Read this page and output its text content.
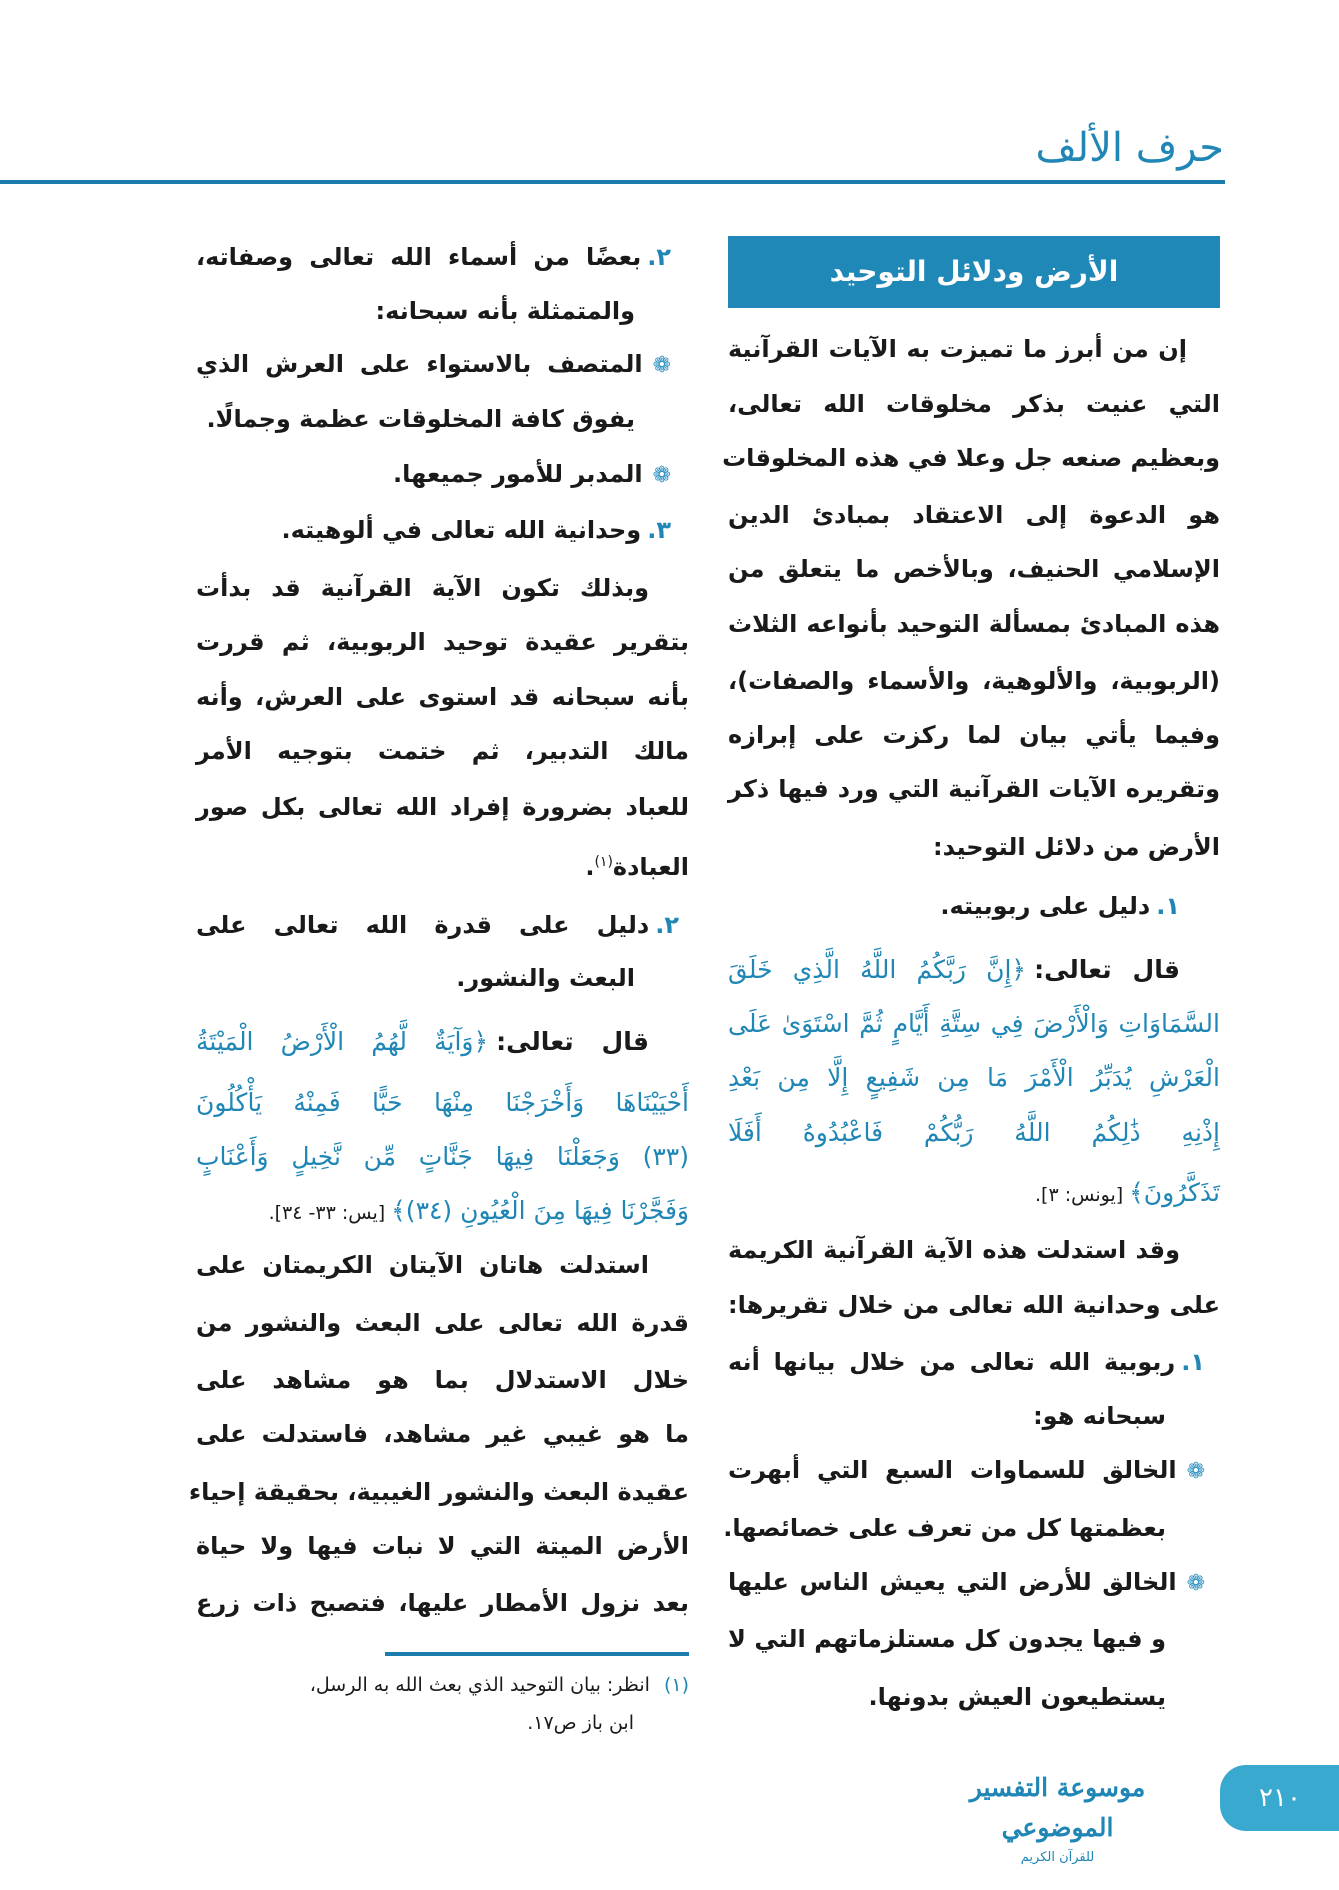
حرف الألف
الأرض ودلائل التوحيد
إن من أبرز ما تميزت به الآيات القرآنية
التي عنيت بذكر مخلوقات الله تعالى،
وبعظيم صنعه جل وعلا في هذه المخلوقات
هو الدعوة إلى الاعتقاد بمبادئ الدين
الإسلامي الحنيف، وبالأخص ما يتعلق من
هذه المبادئ بمسألة التوحيد بأنواعه الثلاث
(الربوبية، والألوهية، والأسماء والصفات)،
وفيما يأتي بيان لما ركزت على إبرازه
وتقريره الآيات القرآنية التي ورد فيها ذكر
الأرض من دلائل التوحيد:
١.دليل على ربوبيته.
قال تعالى:﴿إِنَّ رَبَّكُمُ اللَّهُ الَّذِي خَلَقَ
السَّمَاوَاتِ وَالْأَرْضَ فِي سِتَّةِ أَيَّامٍ ثُمَّ اسْتَوَىٰ عَلَى
الْعَرْشِ يُدَبِّرُ الْأَمْرَ مَا مِن شَفِيعٍ إِلَّا مِن بَعْدِ
إِذْنِهِ ذَٰلِكُمُ اللَّهُ رَبُّكُمْ فَاعْبُدُوهُ أَفَلَا
تَذَكَّرُونَ﴾[يونس: ٣].
وقد استدلت هذه الآية القرآنية الكريمة
على وحدانية الله تعالى من خلال تقريرها:
١.ربوبية الله تعالى من خلال بيانها أنه
سبحانه هو:
❁الخالق للسماوات السبع التي أبهرت
بعظمتها كل من تعرف على خصائصها.
❁الخالق للأرض التي يعيش الناس عليها
و فيها يجدون كل مستلزماتهم التي لا
يستطيعون العيش بدونها.
٢.بعضًا من أسماء الله تعالى وصفاته،
والمتمثلة بأنه سبحانه:
❁المتصف بالاستواء على العرش الذي
يفوق كافة المخلوقات عظمة وجمالًا.
❁المدبر للأمور جميعها.
٣.وحدانية الله تعالى في ألوهيته.
وبذلك تكون الآية القرآنية قد بدأت
بتقرير عقيدة توحيد الربوبية، ثم قررت
بأنه سبحانه قد استوى على العرش، وأنه
مالك التدبير، ثم ختمت بتوجيه الأمر
للعباد بضرورة إفراد الله تعالى بكل صور
العبادة$^{(١)}$.
٢.دليل على قدرة الله تعالى على
البعث والنشور.
قال تعالى:﴿وَآيَةٌ لَّهُمُ الْأَرْضُ الْمَيْتَةُ
أَحْيَيْنَاهَا وَأَخْرَجْنَا مِنْهَا حَبًّا فَمِنْهُ يَأْكُلُونَ
(٣٣) وَجَعَلْنَا فِيهَا جَنَّاتٍ مِّن نَّخِيلٍ وَأَعْنَابٍ
وَفَجَّرْنَا فِيهَا مِنَ الْعُيُونِ (٣٤)﴾[يس: ٣٣- ٣٤].
استدلت هاتان الآيتان الكريمتان على
قدرة الله تعالى على البعث والنشور من
خلال الاستدلال بما هو مشاهد على
ما هو غيبي غير مشاهد، فاستدلت على
عقيدة البعث والنشور الغيبية، بحقيقة إحياء
الأرض الميتة التي لا نبات فيها ولا حياة
بعد نزول الأمطار عليها، فتصبح ذات زرع
(١)انظر: بيان التوحيد الذي بعث الله به الرسل،
ابن باز ص١٧.
موسوعة التفسير الموضوعي
للقرآن الكريم
٢١٠
